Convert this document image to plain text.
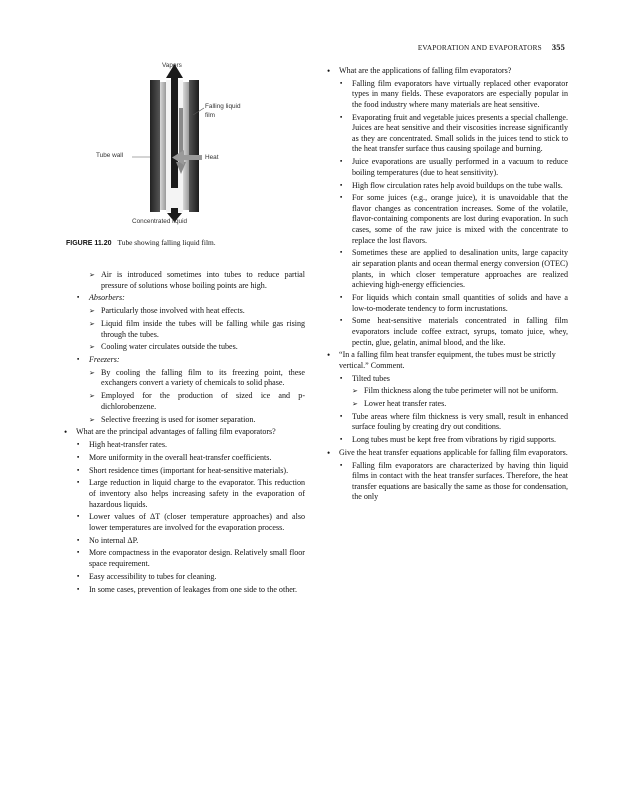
EVAPORATION AND EVAPORATORS 355
Vapors
Falling liquid film
Tube wall	Heat
Concentrated liquid
FIGURE 11.20 Tube showing falling liquid film.
➢ Air is introduced sometimes into tubes to reduce partial pressure of solutions whose boiling points are high.
▪ Absorbers:
➢ Particularly those involved with heat effects.
➢ Liquid film inside the tubes will be falling while gas rising through the tubes.
➢ Cooling water circulates outside the tubes.
▪ Freezers:
➢ By cooling the falling film to its freezing point, these exchangers convert a variety of chemicals to solid phase.
➢ Employed for the production of sized ice and p-dichlorobenzene.
➢ Selective freezing is used for isomer separation.
• What are the principal advantages of falling film evaporators?
▪ High heat-transfer rates.
▪ More uniformity in the overall heat-transfer coefficients.
▪ Short residence times (important for heat-sensitive materials).
▪ Large reduction in liquid charge to the evaporator. This reduction of inventory also helps increasing safety in the evaporation of hazardous liquids.
▪ Lower values of ΔT (closer temperature approaches) and also lower temperatures are involved for the evaporation process.
▪ No internal ΔP.
▪ More compactness in the evaporator design. Relatively small floor space requirement.
▪ Easy accessibility to tubes for cleaning.
▪ In some cases, prevention of leakages from one side to the other.
• What are the applications of falling film evaporators?
▪ Falling film evaporators have virtually replaced other evaporator types in many fields. These evaporators are especially popular in the food industry where many materials are heat sensitive.
▪ Evaporating fruit and vegetable juices presents a special challenge. Juices are heat sensitive and their viscosities increase significantly as they are concentrated. Small solids in the juices tend to stick to the heat transfer surface thus causing spoilage and burning.
▪ Juice evaporations are usually performed in a vacuum to reduce boiling temperatures (due to heat sensitivity).
▪ High flow circulation rates help avoid buildups on the tube walls.
▪ For some juices (e.g., orange juice), it is unavoidable that the flavor changes as concentration increases. Some of the volatile, flavor-containing components are lost during evaporation. In such cases, some of the raw juice is mixed with the concentrate to replace the lost flavors.
▪ Sometimes these are applied to desalination units, large capacity air separation plants and ocean thermal energy conversion (OTEC) plants, in which closer temperature approaches are realized achieving high-energy efficiencies.
▪ For liquids which contain small quantities of solids and have a low-to-moderate tendency to form incrustations.
▪ Some heat-sensitive materials concentrated in falling film evaporators include coffee extract, syrups, tomato juice, whey, pectin, glue, gelatin, animal blood, and the like.
• “In a falling film heat transfer equipment, the tubes must be strictly vertical.” Comment.
▪ Tilted tubes
➢ Film thickness along the tube perimeter will not be uniform.
➢ Lower heat transfer rates.
▪ Tube areas where film thickness is very small, result in enhanced surface fouling by creating dry out conditions.
▪ Long tubes must be kept free from vibrations by rigid supports.
• Give the heat transfer equations applicable for falling film evaporators.
▪ Falling film evaporators are characterized by having thin liquid films in contact with the heat transfer surfaces. Therefore, the heat transfer equations are basically the same as those for condensation, the only
